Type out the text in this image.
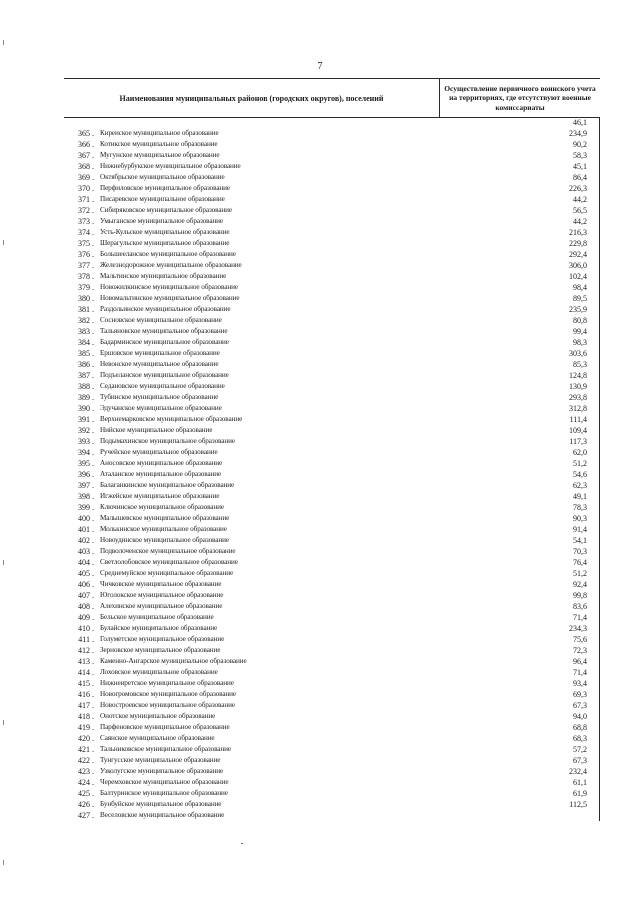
7
Наименования муниципальных районов (городских округов), поселений
Осуществление первичного воинского учета на территориях, где отсутствуют военные комиссариаты
46,1
365 . Киреиское муниципальное образование	234,9
366 . Котикское муниципальное образование	90,2
367 . Мугунское муниципальное образование	58,3
368 . Нижнебурбукское муниципальное образование	45,1
369 . Октябрьское муниципальное образование	86,4
370 . Перфиловское муниципальное образование	226,3
371 . Писаревское муниципальное образование	44,2
372 . Сибиряковское муниципальное образование	56,5
373 . Умыганское муниципальное образование	44,2
374 . Усть-Кульское муниципальное образование	216,3
375 . Шерагульское муниципальное образование	229,8
376 . Большееланское муниципальное образование	292,4
377 . Железнодорожное муниципальное образование	306,0
378 . Мальтинское муниципальное образование	102,4
379 . Новожилкинское муниципальное образование	98,4
380 . Новомальтинское муниципальное образование	89,5
381 . Раздольинское муниципальное образование	235,9
382 . Сосновское муниципальное образование	80,8
383 . Тальяновское муниципальное образование	99,4
384 . Бадарминское муниципальное образование	98,3
385 . Ершовское муниципальное образование	303,6
386 . Невонское муниципальное образование	85,3
387 . Подъеланское муниципальное образование	124,8
388 . Седановское муниципальное образование	130,9
389 . Тубинское муниципальное образование	293,8
390 . Эдучанское муниципальное образование	312,8
391 . Верхнемарковское муниципальное образование	111,4
392 . Нийское муниципальное образование	109,4
393 . Подымахинское муниципальное образование	117,3
394 . Ручейское муниципальное образование	62,0
395 . Аносовское муниципальное образование	51,2
396 . Аталанское муниципальное образование	54,6
397 . Балаганкинское муниципальное образование	62,3
398 . Игжейское муниципальное образование	49,1
399 . Ключинское муниципальное образование	78,3
400 . Малышевское муниципальное образование	90,3
401 . Молькинское муниципальное образование	91,4
402 . Новоудинское муниципальное образование	54,1
403 . Подволоченское муниципальное образование	70,3
404 . Светлолобовское муниципальное образование	76,4
405 . Среднемуйское муниципальное образование	51,2
406 . Чичковское муниципальное образование	92,4
407 . Юголокское муниципальное образование	99,8
408 . Алехинское муниципальное образование	83,6
409 . Бельское муниципальное образование	71,4
410 . Булайское муниципальное образование	234,3
411 . Голуметское муниципальное образование	75,6
412 . Зерновское муниципальное образование	72,3
413 . Каменно-Ангарское муниципальное образование	96,4
414 . Лоховское муниципальное образование	71,4
415 . Нижнеиретское муниципальное образование	93,4
416 . Новогромовское муниципальное образование	69,3
417 . Новостроевское муниципальное образование	67,3
418 . Онотское муниципальное образование	94,0
419 . Парфеновское муниципальное образование	68,8
420 . Саянское муниципальное образование	68,3
421 . Тальниковское муниципальное образование	57,2
422 . Тунгусское муниципальное образование	67,3
423 . Узколугское муниципальное образование	232,4
424 . Черемховское муниципальное образование	61,1
425 . Балтуринское муниципальное образование	61,9
426 . Бунбуйское муниципальное образование	112,5
427 . Веселовское муниципальное образование
